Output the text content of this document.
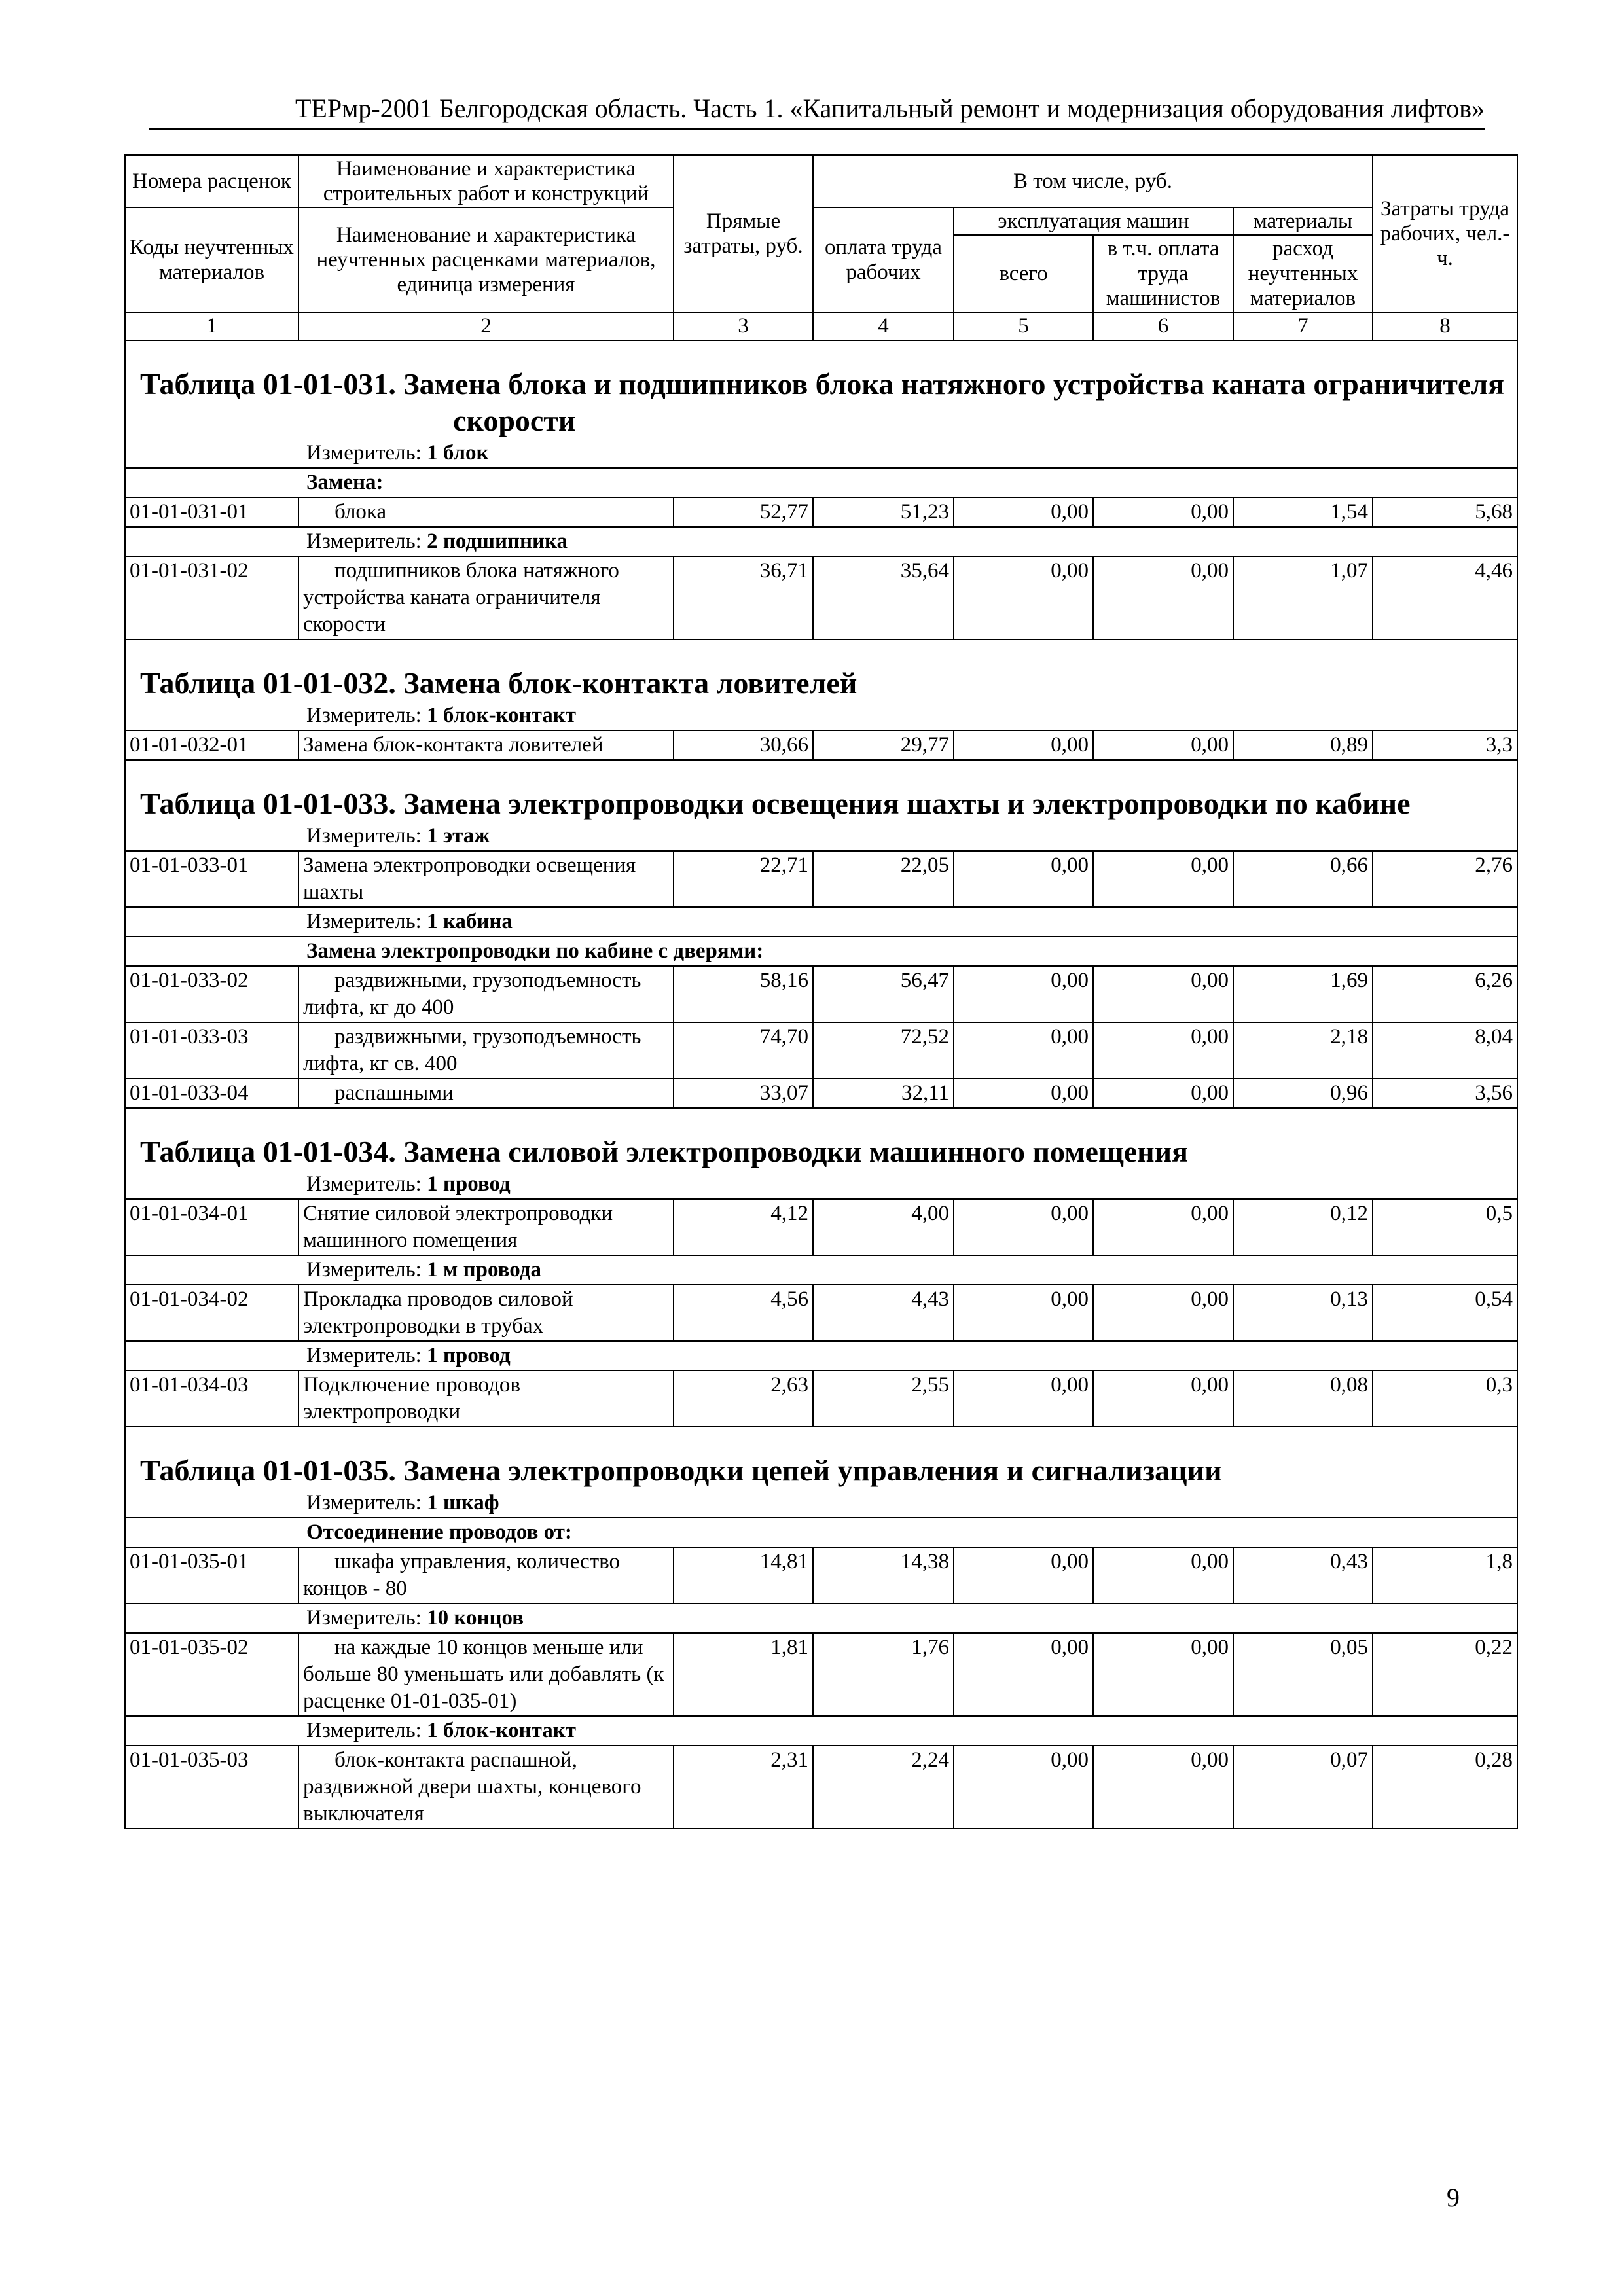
ТЕРмр-2001 Белгородская область. Часть 1. «Капитальный ремонт и модернизация оборудования лифтов»
Номера расценок	Наименование и характеристика строительных работ и конструкций	Прямые затраты, руб.	В том числе, руб.				Затраты труда рабочих, чел.-ч.
Коды неучтенных материалов	Наименование и характеристика неучтенных расценками материалов, единица измерения		оплата труда рабочих	эксплуатация машин		материалы	
				всего	в т.ч. оплата труда машинистов	расход неучтенных материалов	
1	2	3	4	5	6	7	8
Таблица 01-01-031. Замена блока и подшипников блока натяжного устройства каната ограничителя скорости							
Измеритель: 1 блок							
Замена:							
01-01-031-01	блока	52,77	51,23	0,00	0,00	1,54	5,68
Измеритель: 2 подшипника							
01-01-031-02	подшипников блока натяжного устройства каната ограничителя скорости	36,71	35,64	0,00	0,00	1,07	4,46
Таблица 01-01-032. Замена блок-контакта ловителей							
Измеритель: 1 блок-контакт							
01-01-032-01	Замена блок-контакта ловителей	30,66	29,77	0,00	0,00	0,89	3,3
Таблица 01-01-033. Замена электропроводки освещения шахты и электропроводки по кабине							
Измеритель: 1 этаж							
01-01-033-01	Замена электропроводки освещения шахты	22,71	22,05	0,00	0,00	0,66	2,76
Измеритель: 1 кабина							
Замена электропроводки по кабине с дверями:							
01-01-033-02	раздвижными, грузоподъемность лифта, кг до 400	58,16	56,47	0,00	0,00	1,69	6,26
01-01-033-03	раздвижными, грузоподъемность лифта, кг св. 400	74,70	72,52	0,00	0,00	2,18	8,04
01-01-033-04	распашными	33,07	32,11	0,00	0,00	0,96	3,56
Таблица 01-01-034. Замена силовой электропроводки машинного помещения							
Измеритель: 1 провод							
01-01-034-01	Снятие силовой электропроводки машинного помещения	4,12	4,00	0,00	0,00	0,12	0,5
Измеритель: 1 м провода							
01-01-034-02	Прокладка проводов силовой электропроводки в трубах	4,56	4,43	0,00	0,00	0,13	0,54
Измеритель: 1 провод							
01-01-034-03	Подключение проводов электропроводки	2,63	2,55	0,00	0,00	0,08	0,3
Таблица 01-01-035. Замена электропроводки цепей управления и сигнализации							
Измеритель: 1 шкаф							
Отсоединение проводов от:							
01-01-035-01	шкафа управления, количество концов - 80	14,81	14,38	0,00	0,00	0,43	1,8
Измеритель: 10 концов							
01-01-035-02	на каждые 10 концов меньше или больше 80 уменьшать или добавлять (к расценке 01-01-035-01)	1,81	1,76	0,00	0,00	0,05	0,22
Измеритель: 1 блок-контакт							
01-01-035-03	блок-контакта распашной, раздвижной двери шахты, концевого выключателя	2,31	2,24	0,00	0,00	0,07	0,28
9
